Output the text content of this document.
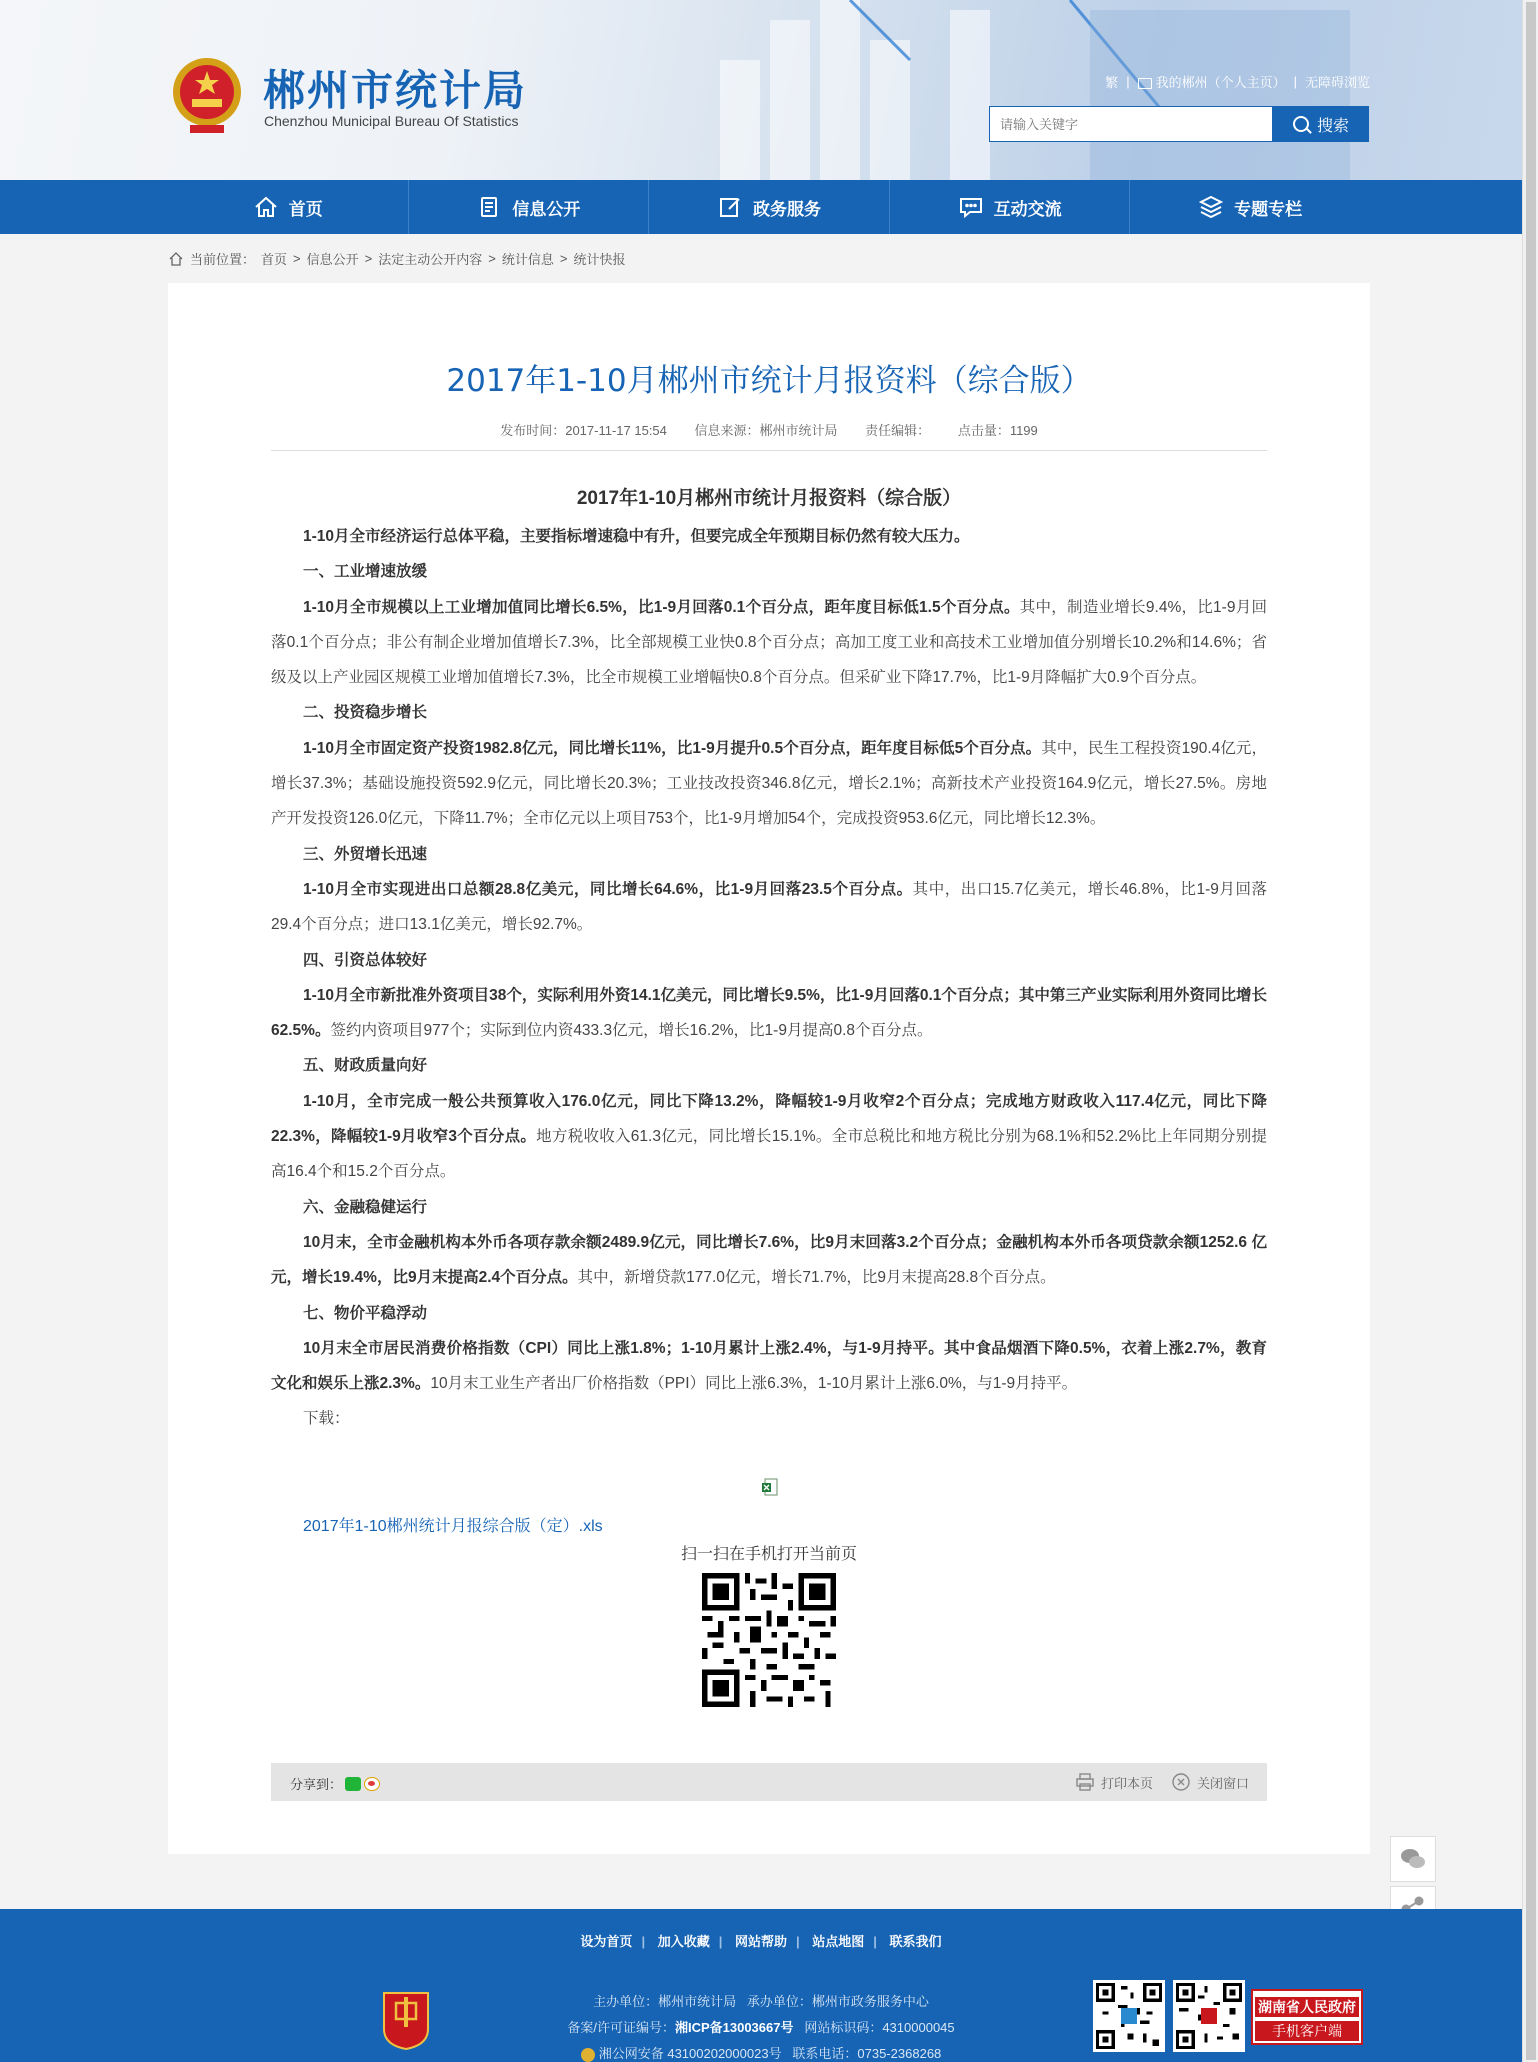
郴州市统计局
Chenzhou Municipal Bureau Of Statistics
繁 |	我的郴州（个人主页） | 无障碍浏览
请输入关键字
搜索
首页	信息公开	政务服务	互动交流	专题专栏
当前位置： 首页 > 信息公开 > 法定主动公开内容 > 统计信息 > 统计快报
2017年1-10月郴州市统计月报资料（综合版）
发布时间：2017-11-17 15:54 信息来源：郴州市统计局 责任编辑： 点击量：1199
2017年1-10月郴州市统计月报资料（综合版）

1-10月全市经济运行总体平稳，主要指标增速稳中有升，但要完成全年预期目标仍然有较大压力。

一、工业增速放缓

1-10月全市规模以上工业增加值同比增长6.5%，比1-9月回落0.1个百分点，距年度目标低1.5个百分点。其中，制造业增长9.4%，比1-9月回落0.1个百分点；非公有制企业增加值增长7.3%，比全部规模工业快0.8个百分点；高加工度工业和高技术工业增加值分别增长10.2%和14.6%；省级及以上产业园区规模工业增加值增长7.3%，比全市规模工业增幅快0.8个百分点。但采矿业下降17.7%，比1-9月降幅扩大0.9个百分点。

二、投资稳步增长

1-10月全市固定资产投资1982.8亿元，同比增长11%，比1-9月提升0.5个百分点，距年度目标低5个百分点。其中，民生工程投资190.4亿元，增长37.3%；基础设施投资592.9亿元，同比增长20.3%；工业技改投资346.8亿元，增长2.1%；高新技术产业投资164.9亿元，增长27.5%。房地产开发投资126.0亿元，下降11.7%；全市亿元以上项目753个，比1-9月增加54个，完成投资953.6亿元，同比增长12.3%。

三、外贸增长迅速

1-10月全市实现进出口总额28.8亿美元，同比增长64.6%，比1-9月回落23.5个百分点。其中，出口15.7亿美元，增长46.8%，比1-9月回落29.4个百分点；进口13.1亿美元，增长92.7%。

四、引资总体较好

1-10月全市新批准外资项目38个，实际利用外资14.1亿美元，同比增长9.5%，比1-9月回落0.1个百分点；其中第三产业实际利用外资同比增长62.5%。签约内资项目977个；实际到位内资433.3亿元，增长16.2%，比1-9月提高0.8个百分点。

五、财政质量向好

1-10月，全市完成一般公共预算收入176.0亿元，同比下降13.2%，降幅较1-9月收窄2个百分点；完成地方财政收入117.4亿元，同比下降22.3%，降幅较1-9月收窄3个百分点。地方税收收入61.3亿元，同比增长15.1%。全市总税比和地方税比分别为68.1%和52.2%比上年同期分别提高16.4个和15.2个百分点。

六、金融稳健运行

10月末，全市金融机构本外币各项存款余额2489.9亿元，同比增长7.6%，比9月末回落3.2个百分点；金融机构本外币各项贷款余额1252.6 亿元，增长19.4%，比9月末提高2.4个百分点。其中，新增贷款177.0亿元，增长71.7%，比9月末提高28.8个百分点。

七、物价平稳浮动

10月末全市居民消费价格指数（CPI）同比上涨1.8%；1-10月累计上涨2.4%，与1-9月持平。其中食品烟酒下降0.5%，衣着上涨2.7%，教育文化和娱乐上涨2.3%。10月末工业生产者出厂价格指数（PPI）同比上涨6.3%，1-10月累计上涨6.0%，与1-9月持平。

下载：

2017年1-10郴州统计月报综合版（定）.xls
扫一扫在手机打开当前页
分享到：	打印本页	关闭窗口
设为首页 | 加入收藏 | 网站帮助 | 站点地图 | 联系我们
主办单位：郴州市统计局 承办单位：郴州市政务服务中心
备案/许可证编号：湘ICP备13003667号 网站标识码：4310000045
湘公网安备 43100202000023号 联系电话：0735-2368268
湖南省人民政府
手机客户端
